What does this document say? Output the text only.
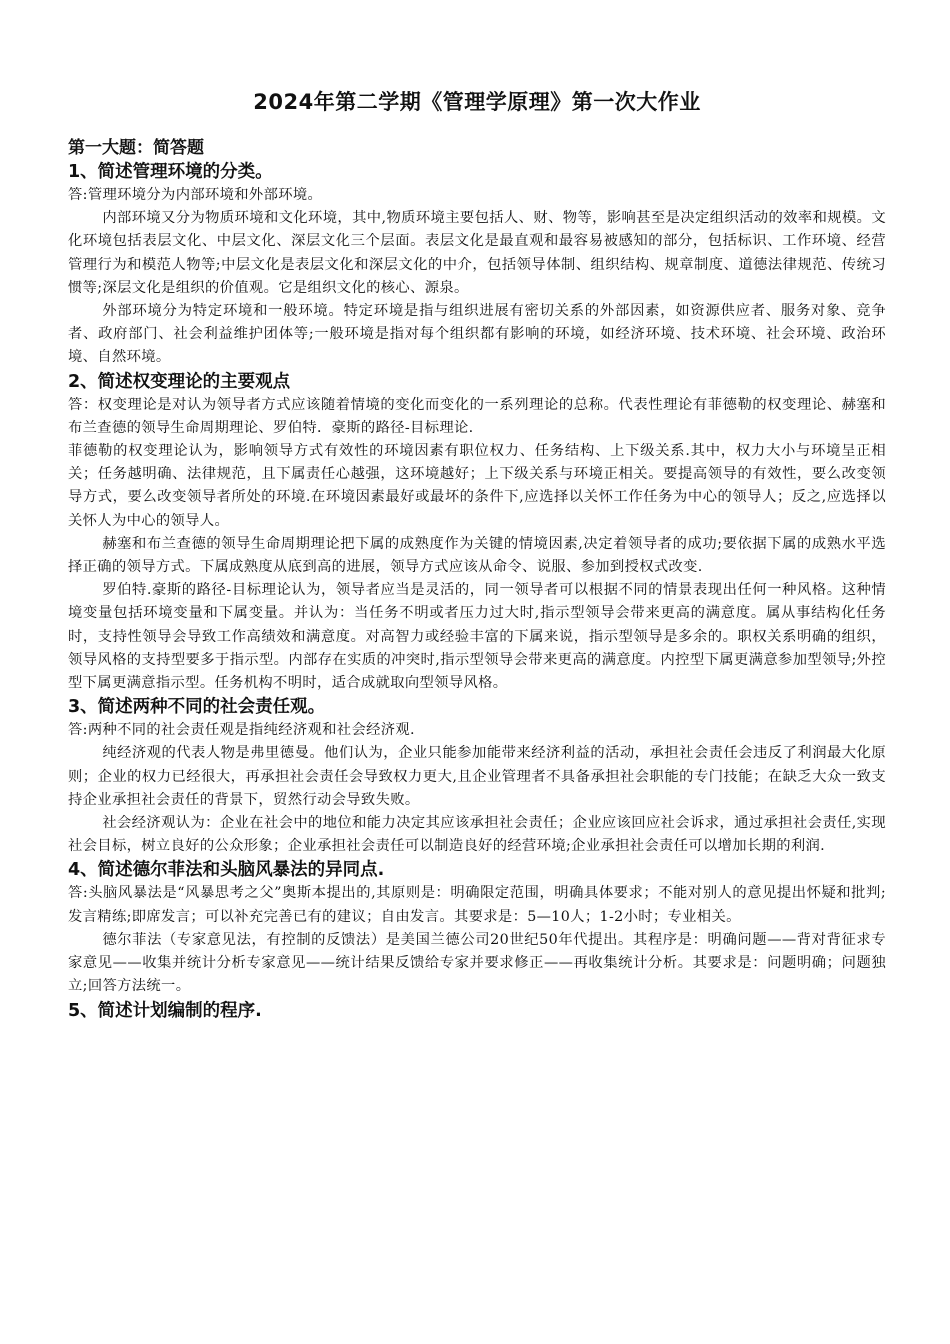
2024年第二学期《管理学原理》第一次大作业
第一大题：简答题
1、简述管理环境的分类。

答:管理环境分为内部环境和外部环境。

内部环境又分为物质环境和文化环境，其中,物质环境主要包括人、财、物等，影响甚至是决定组织活动的效率和规模。文化环境包括表层文化、中层文化、深层文化三个层面。表层文化是最直观和最容易被感知的部分，包括标识、工作环境、经营管理行为和模范人物等;中层文化是表层文化和深层文化的中介，包括领导体制、组织结构、规章制度、道德法律规范、传统习惯等;深层文化是组织的价值观。它是组织文化的核心、源泉。

外部环境分为特定环境和一般环境。特定环境是指与组织进展有密切关系的外部因素，如资源供应者、服务对象、竞争者、政府部门、社会利益维护团体等;一般环境是指对每个组织都有影响的环境，如经济环境、技术环境、社会环境、政治环境、自然环境。

2、简述权变理论的主要观点

答：权变理论是对认为领导者方式应该随着情境的变化而变化的一系列理论的总称。代表性理论有菲德勒的权变理论、赫塞和布兰查德的领导生命周期理论、罗伯特．豪斯的路径-目标理论.

菲德勒的权变理论认为，影响领导方式有效性的环境因素有职位权力、任务结构、上下级关系.其中，权力大小与环境呈正相关；任务越明确、法律规范，且下属责任心越强，这环境越好；上下级关系与环境正相关。要提高领导的有效性，要么改变领导方式，要么改变领导者所处的环境.在环境因素最好或最坏的条件下,应选择以关怀工作任务为中心的领导人；反之,应选择以关怀人为中心的领导人。

赫塞和布兰查德的领导生命周期理论把下属的成熟度作为关键的情境因素,决定着领导者的成功;要依据下属的成熟水平选择正确的领导方式。下属成熟度从底到高的进展，领导方式应该从命令、说服、参加到授权式改变.

罗伯特.豪斯的路径-目标理论认为，领导者应当是灵活的，同一领导者可以根据不同的情景表现出任何一种风格。这种情境变量包括环境变量和下属变量。并认为：当任务不明或者压力过大时,指示型领导会带来更高的满意度。属从事结构化任务时，支持性领导会导致工作高绩效和满意度。对高智力或经验丰富的下属来说，指示型领导是多余的。职权关系明确的组织，领导风格的支持型要多于指示型。内部存在实质的冲突时,指示型领导会带来更高的满意度。内控型下属更满意参加型领导;外控型下属更满意指示型。任务机构不明时，适合成就取向型领导风格。

3、简述两种不同的社会责任观。

答:两种不同的社会责任观是指纯经济观和社会经济观.

纯经济观的代表人物是弗里德曼。他们认为，企业只能参加能带来经济利益的活动，承担社会责任会违反了利润最大化原则；企业的权力已经很大，再承担社会责任会导致权力更大,且企业管理者不具备承担社会职能的专门技能；在缺乏大众一致支持企业承担社会责任的背景下，贸然行动会导致失败。

社会经济观认为：企业在社会中的地位和能力决定其应该承担社会责任；企业应该回应社会诉求，通过承担社会责任,实现社会目标，树立良好的公众形象；企业承担社会责任可以制造良好的经营环境;企业承担社会责任可以增加长期的利润.

4、简述德尔菲法和头脑风暴法的异同点.

答:头脑风暴法是“风暴思考之父”奥斯本提出的,其原则是：明确限定范围，明确具体要求；不能对别人的意见提出怀疑和批判;发言精练;即席发言；可以补充完善已有的建议；自由发言。其要求是：5—10人；1-2小时；专业相关。

德尔菲法（专家意见法，有控制的反馈法）是美国兰德公司20世纪50年代提出。其程序是：明确问题——背对背征求专家意见——收集并统计分析专家意见——统计结果反馈给专家并要求修正——再收集统计分析。其要求是：问题明确；问题独立;回答方法统一。

5、简述计划编制的程序.
